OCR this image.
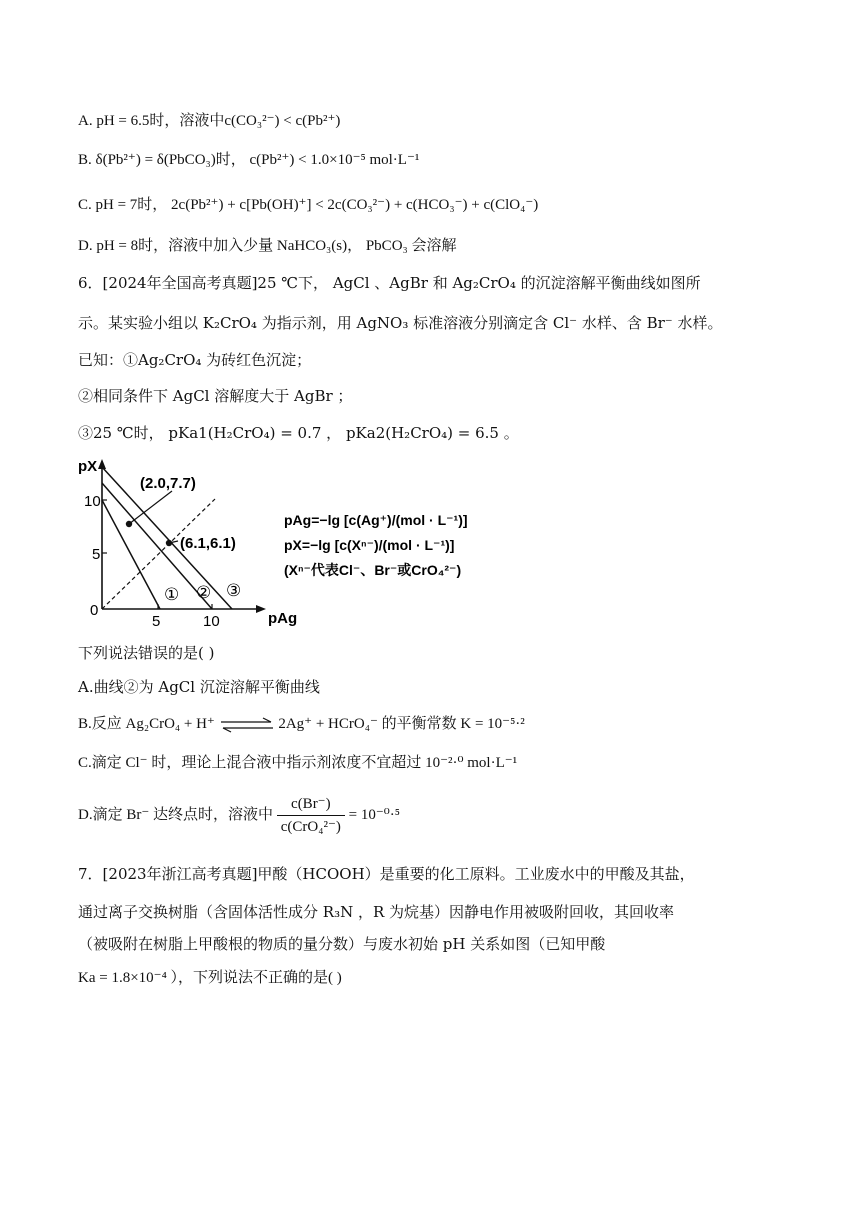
A. pH = 6.5时，溶液中c(CO₃²⁻) < c(Pb²⁺)
B. δ(Pb²⁺) = δ(PbCO₃)时， c(Pb²⁺) < 1.0×10⁻⁵ mol·L⁻¹
C. pH = 7时， 2c(Pb²⁺) + c[Pb(OH)⁺] < 2c(CO₃²⁻) + c(HCO₃⁻) + c(ClO₄⁻)
D. pH = 8时，溶液中加入少量 NaHCO₃(s)， PbCO₃ 会溶解
6．[2024年全国高考真题]25 ℃下， AgCl 、AgBr 和 Ag₂CrO₄ 的沉淀溶解平衡曲线如图所
示。某实验小组以 K₂CrO₄ 为指示剂，用 AgNO₃ 标准溶液分别滴定含 Cl⁻ 水样、含 Br⁻ 水样。
已知：①Ag₂CrO₄ 为砖红色沉淀；
②相同条件下 AgCl 溶解度大于 AgBr ；
③25 ℃时， pKa1(H₂CrO₄) = 0.7 ， pKa2(H₂CrO₄) = 6.5 。
pX
pAg
0
10
5
5	10
(2.0,7.7)
(6.1,6.1)
① ② ③
pAg=−lg [c(Ag⁺)/(mol · L⁻¹)]
pX=−lg [c(Xⁿ⁻)/(mol · L⁻¹)]
(Xⁿ⁻代表Cl⁻、Br⁻或CrO₄²⁻)
下列说法错误的是( )
A.曲线②为 AgCl 沉淀溶解平衡曲线
B.反应 Ag₂CrO₄ + H⁺ ⇌ 2Ag⁺ + HCrO₄⁻ 的平衡常数 K = 10⁻⁵·²
C.滴定 Cl⁻ 时，理论上混合液中指示剂浓度不宜超过 10⁻²·⁰ mol·L⁻¹
D.滴定 Br⁻ 达终点时，溶液中 $\frac{c(Br^-)}{\text{c(CrO₄²⁻)}} = 10^{-0}\cdot^5$
7．[2023年浙江高考真题]甲酸（HCOOH）是重要的化工原料。工业废水中的甲酸及其盐，
通过离子交换树脂（含固体活性成分 R₃N ，R 为烷基）因静电作用被吸附回收，其回收率
（被吸附在树脂上甲酸根的物质的量分数）与废水初始 pH 关系如图（已知甲酸
Ka = 1.8×10⁻⁴ ），下列说法不正确的是( )
